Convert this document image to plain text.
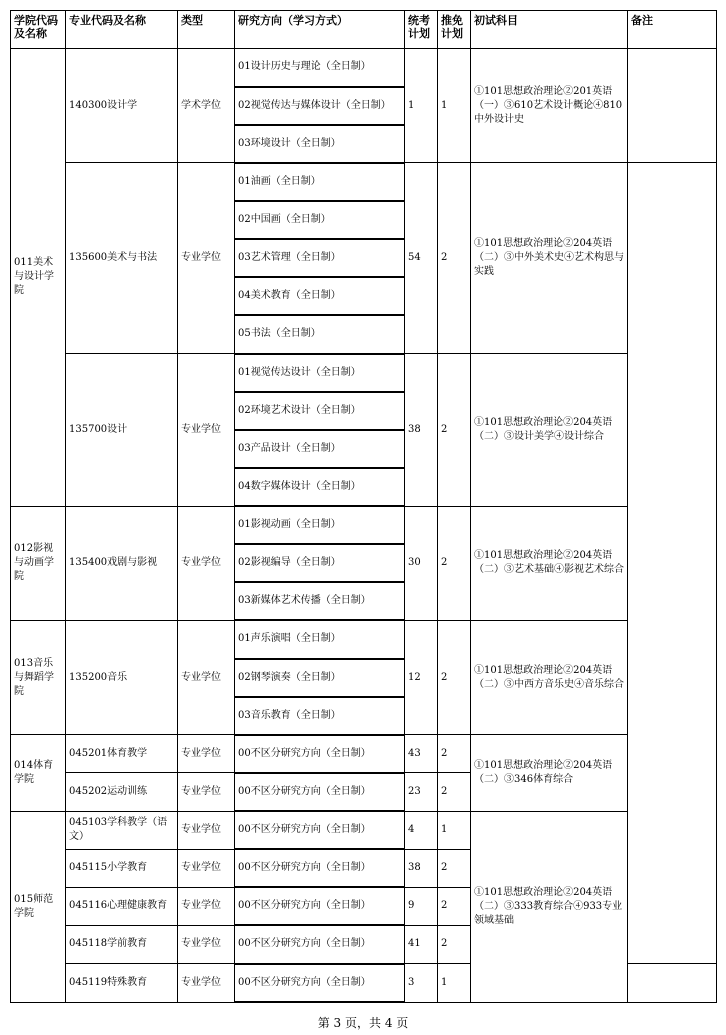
学院代码及名称	专业代码及名称	类型	研究方向（学习方式）	统考计划	推免计划	初试科目	备注	
011美术与设计学院	140300设计学	学术学位	01设计历史与理论（全日制）	1	1	①101思想政治理论②201英语（一）③610艺术设计概论④810中外设计史		
			02视觉传达与媒体设计（全日制）					
			03环境设计（全日制）					
	135600美术与书法	专业学位	01油画（全日制）	54	2	①101思想政治理论②204英语（二）③中外美术史④艺术构思与实践		
			02中国画（全日制）					
			03艺术管理（全日制）					
			04美术教育（全日制）					
			05书法（全日制）					
	135700设计	专业学位	01视觉传达设计（全日制）	38	2	①101思想政治理论②204英语（二）③设计美学④设计综合		
			02环境艺术设计（全日制）					
			03产品设计（全日制）					
			04数字媒体设计（全日制）					
012影视与动画学院	135400戏剧与影视	专业学位	01影视动画（全日制）	30	2	①101思想政治理论②204英语（二）③艺术基础④影视艺术综合		
			02影视编导（全日制）					
			03新媒体艺术传播（全日制）					
013音乐与舞蹈学院	135200音乐	专业学位	01声乐演唱（全日制）	12	2	①101思想政治理论②204英语（二）③中西方音乐史④音乐综合		
			02钢琴演奏（全日制）					
			03音乐教育（全日制）					
014体育学院	045201体育教学	专业学位	00不区分研究方向（全日制）	43	2	①101思想政治理论②204英语（二）③346体育综合		
	045202运动训练	专业学位	00不区分研究方向（全日制）	23	2			
015师范学院	045103学科教学（语文）	专业学位	00不区分研究方向（全日制）	4	1	①101思想政治理论②204英语（二）③333教育综合④933专业领域基础		
	045115小学教育	专业学位	00不区分研究方向（全日制）	38	2			
	045116心理健康教育	专业学位	00不区分研究方向（全日制）	9	2			
	045118学前教育	专业学位	00不区分研究方向（全日制）	41	2			
	045119特殊教育	专业学位	00不区分研究方向（全日制）	3	1			
第 3 页，共 4 页
